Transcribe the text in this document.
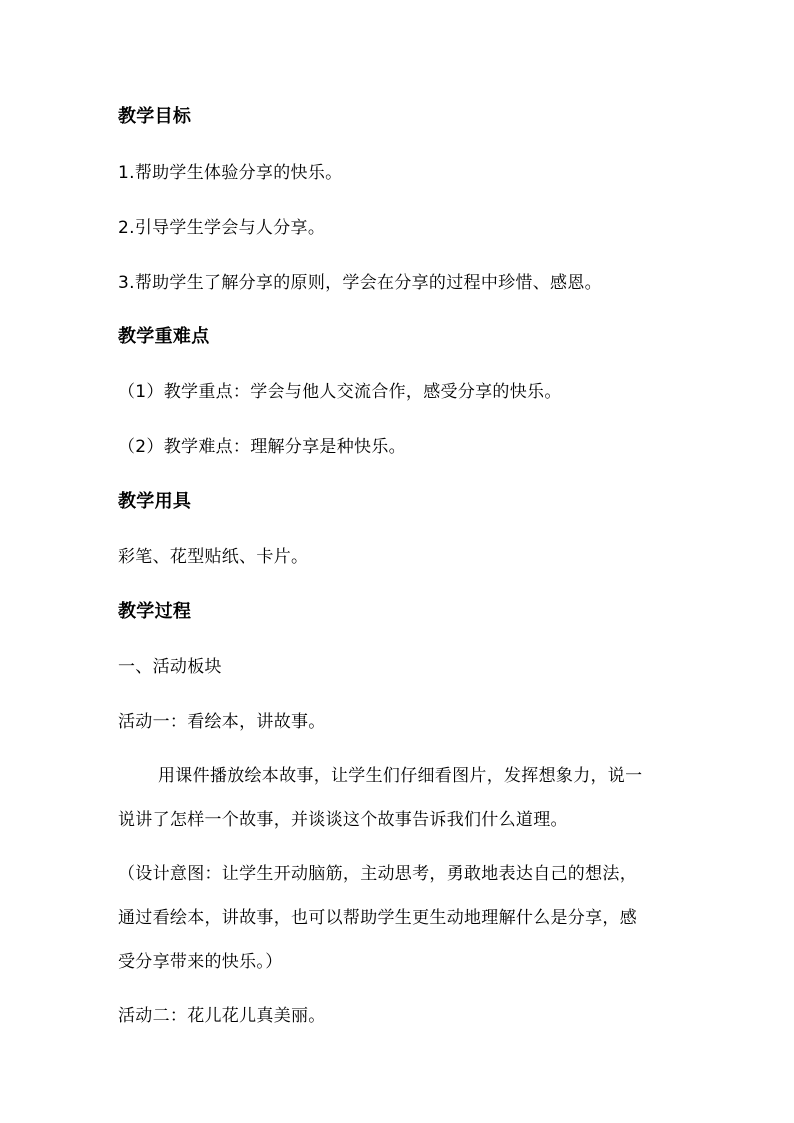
教学目标
1.帮助学生体验分享的快乐。
2.引导学生学会与人分享。
3.帮助学生了解分享的原则，学会在分享的过程中珍惜、感恩。
教学重难点
（1）教学重点：学会与他人交流合作，感受分享的快乐。
（2）教学难点：理解分享是种快乐。
教学用具
彩笔、花型贴纸、卡片。
教学过程
一、活动板块
活动一：看绘本，讲故事。
用课件播放绘本故事，让学生们仔细看图片，发挥想象力，说一
说讲了怎样一个故事，并谈谈这个故事告诉我们什么道理。
（设计意图：让学生开动脑筋，主动思考，勇敢地表达自己的想法，
通过看绘本，讲故事，也可以帮助学生更生动地理解什么是分享，感
受分享带来的快乐。）
活动二：花儿花儿真美丽。
